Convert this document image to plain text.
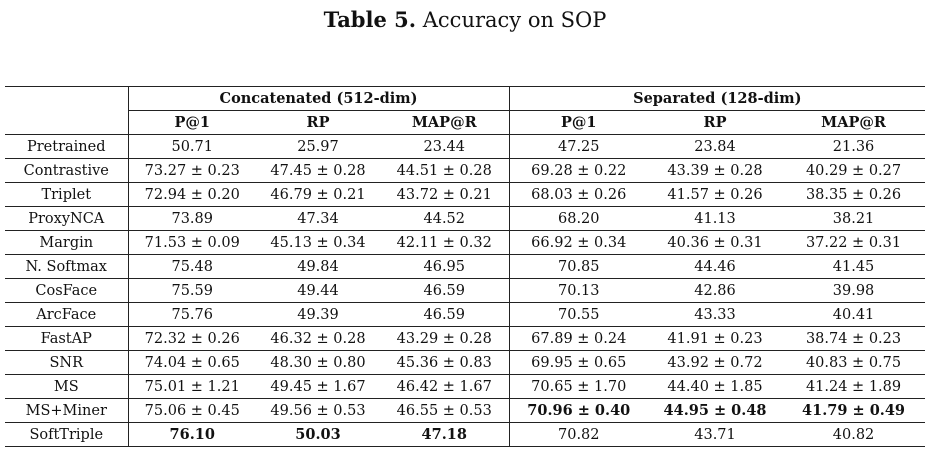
Table 5. Accuracy on SOP
	Concatenated (512-dim)			Separated (128-dim)		
	P@1	RP	MAP@R	P@1	RP	MAP@R
Pretrained	50.71	25.97	23.44	47.25	23.84	21.36
Contrastive	73.27 ± 0.23	47.45 ± 0.28	44.51 ± 0.28	69.28 ± 0.22	43.39 ± 0.28	40.29 ± 0.27
Triplet	72.94 ± 0.20	46.79 ± 0.21	43.72 ± 0.21	68.03 ± 0.26	41.57 ± 0.26	38.35 ± 0.26
ProxyNCA	73.89	47.34	44.52	68.20	41.13	38.21
Margin	71.53 ± 0.09	45.13 ± 0.34	42.11 ± 0.32	66.92 ± 0.34	40.36 ± 0.31	37.22 ± 0.31
N. Softmax	75.48	49.84	46.95	70.85	44.46	41.45
CosFace	75.59	49.44	46.59	70.13	42.86	39.98
ArcFace	75.76	49.39	46.59	70.55	43.33	40.41
FastAP	72.32 ± 0.26	46.32 ± 0.28	43.29 ± 0.28	67.89 ± 0.24	41.91 ± 0.23	38.74 ± 0.23
SNR	74.04 ± 0.65	48.30 ± 0.80	45.36 ± 0.83	69.95 ± 0.65	43.92 ± 0.72	40.83 ± 0.75
MS	75.01 ± 1.21	49.45 ± 1.67	46.42 ± 1.67	70.65 ± 1.70	44.40 ± 1.85	41.24 ± 1.89
MS+Miner	75.06 ± 0.45	49.56 ± 0.53	46.55 ± 0.53	70.96 ± 0.40	44.95 ± 0.48	41.79 ± 0.49
SoftTriple	76.10	50.03	47.18	70.82	43.71	40.82
